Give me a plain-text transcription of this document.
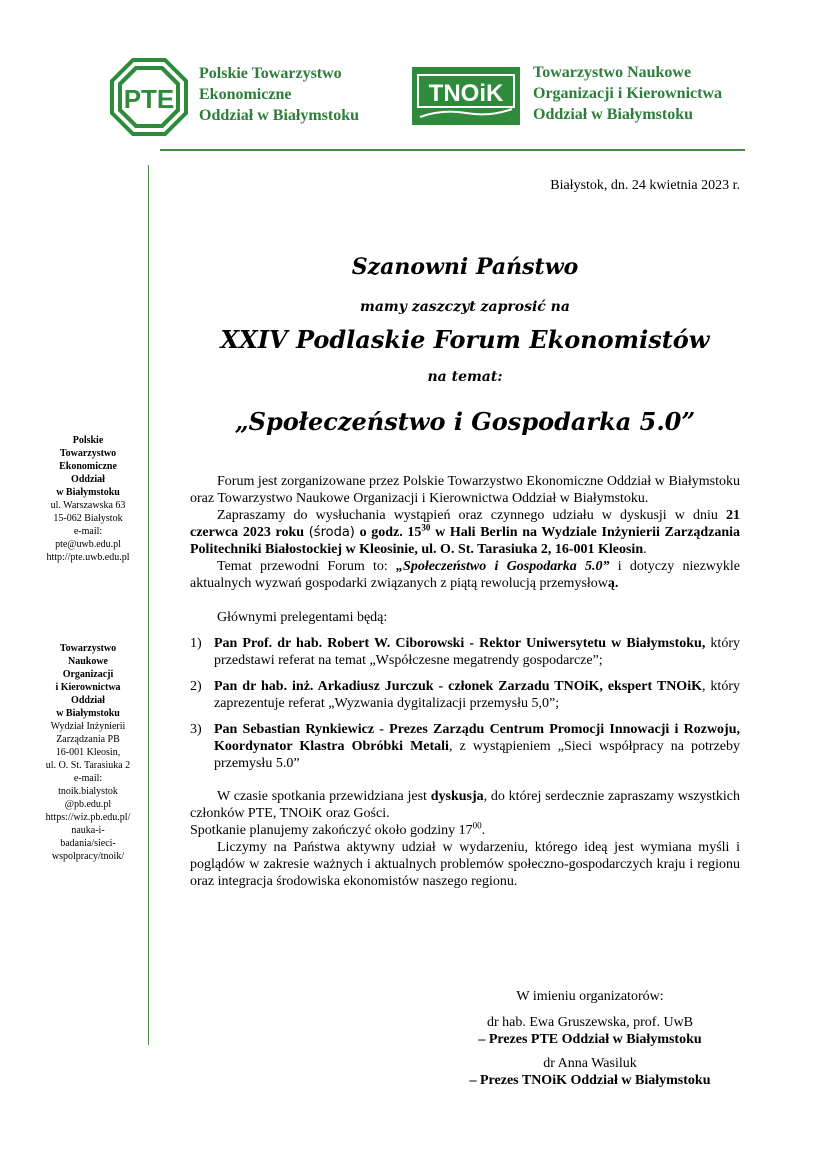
PTE
Polskie Towarzystwo
Ekonomiczne
Oddział w Białymstoku
TNOiK
Towarzystwo Naukowe
Organizacji i Kierownictwa
Oddział w Białymstoku
Polskie
Towarzystwo
Ekonomiczne
Oddział
w Białymstoku
ul. Warszawska 63
15-062 Białystok
e-mail:
pte@uwb.edu.pl
http://pte.uwb.edu.pl
Towarzystwo
Naukowe
Organizacji
i Kierownictwa
Oddział
w Białymstoku
Wydział Inżynierii
Zarządzania PB
16-001 Kleosin,
ul. O. St. Tarasiuka 2
e-mail:
tnoik.bialystok
@pb.edu.pl
https://wiz.pb.edu.pl/
nauka-i-
badania/sieci-
wspolpracy/tnoik/
Białystok, dn. 24 kwietnia 2023 r.
Szanowni Państwo
mamy zaszczyt zaprosić na
XXIV Podlaskie Forum Ekonomistów
na temat:
„Społeczeństwo i Gospodarka 5.0”

Forum jest zorganizowane przez Polskie Towarzystwo Ekonomiczne Oddział w Białymstoku oraz Towarzystwo Naukowe Organizacji i Kierownictwa Oddział w Białymstoku.

Zapraszamy do wysłuchania wystąpień oraz czynnego udziału w dyskusji w dniu 21 czerwca 2023 roku (środa) o godz. $15^{30}$ w Hali Berlin na Wydziale Inżynierii Zarządzania Politechniki Białostockiej w Kleosinie, ul. O. St. Tarasiuka 2, 16-001 Kleosin.

Temat przewodni Forum to: „Społeczeństwo i Gospodarka 5.0” i dotyczy niezwykle aktualnych wyzwań gospodarki związanych z piątą rewolucją przemysłową.

Głównymi prelegentami będą:

1) Pan Prof. dr hab. Robert W. Ciborowski - Rektor Uniwersytetu w Białymstoku, który przedstawi referat na temat „Współczesne megatrendy gospodarcze”;
2) Pan dr hab. inż. Arkadiusz Jurczuk - członek Zarzadu TNOiK, ekspert TNOiK, który zaprezentuje referat „Wyzwania dygitalizacji przemysłu 5,0”;
3) Pan Sebastian Rynkiewicz - Prezes Zarządu Centrum Promocji Innowacji i Rozwoju, Koordynator Klastra Obróbki Metali, z wystąpieniem „Sieci współpracy na potrzeby przemysłu 5.0”

W czasie spotkania przewidziana jest dyskusja, do której serdecznie zapraszamy wszystkich członków PTE, TNOiK oraz Gości.

Spotkanie planujemy zakończyć około godziny $17^{00}$.

Liczymy na Państwa aktywny udział w wydarzeniu, którego ideą jest wymiana myśli i poglądów w zakresie ważnych i aktualnych problemów społeczno-gospodarczych kraju i regionu oraz integracja środowiska ekonomistów naszego regionu.

W imieniu organizatorów:
dr hab. Ewa Gruszewska, prof. UwB
– Prezes PTE Oddział w Białymstoku
dr Anna Wasiluk
– Prezes TNOiK Oddział w Białymstoku
